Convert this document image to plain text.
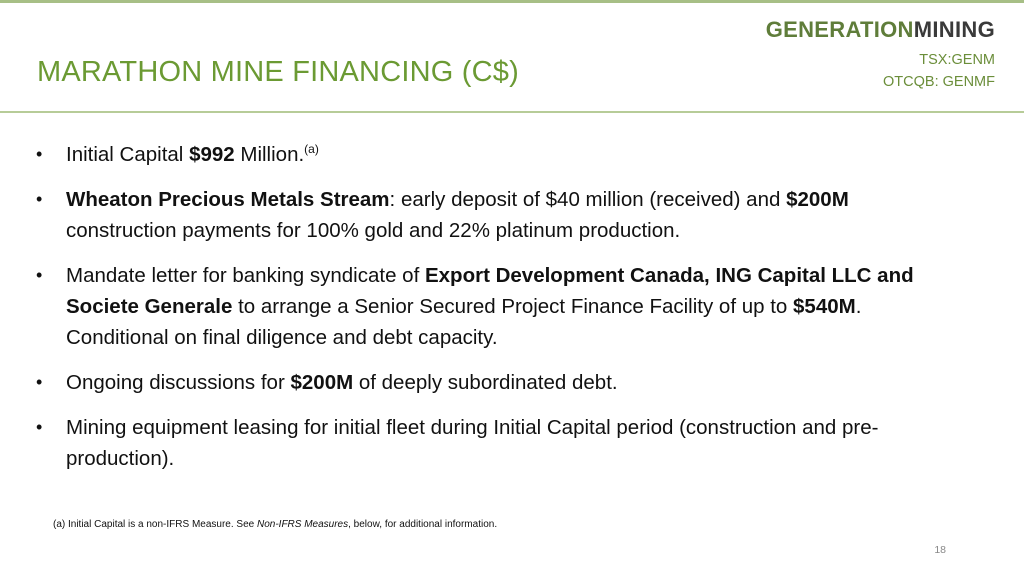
GENERATIONMINING
TSX:GENM
OTCQB: GENMF
MARATHON MINE FINANCING (C$)
• Initial Capital $992 Million.$^{(a)}$
• Wheaton Precious Metals Stream: early deposit of $40 million (received) and $200M construction payments for 100% gold and 22% platinum production.
• Mandate letter for banking syndicate of Export Development Canada, ING Capital LLC and Societe Generale to arrange a Senior Secured Project Finance Facility of up to $540M. Conditional on final diligence and debt capacity.
• Ongoing discussions for $200M of deeply subordinated debt.
• Mining equipment leasing for initial fleet during Initial Capital period (construction and pre-production).
(a) Initial Capital is a non-IFRS Measure. See Non-IFRS Measures, below, for additional information.
18
